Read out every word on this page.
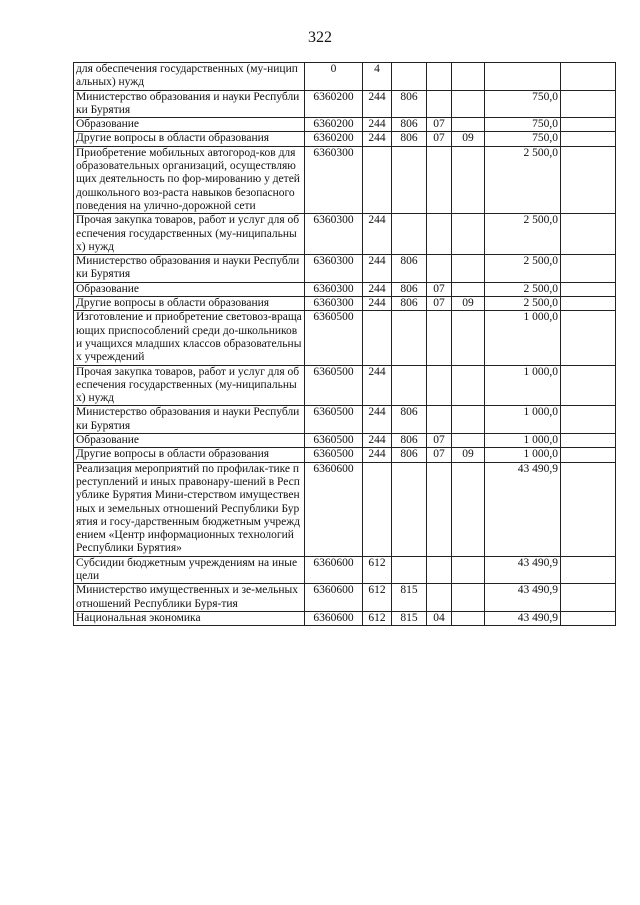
322
для обеспечения государственных (му-ниципальных) нужд	0	4					
Министерство образования и науки Республики Бурятия	6360200	244	806			750,0	
Образование	6360200	244	806	07		750,0	
Другие вопросы в области образования	6360200	244	806	07	09	750,0	
Приобретение мобильных автогород-ков для образовательных организаций, осуществляющих деятельность по фор-мированию у детей дошкольного воз-раста навыков безопасного поведения на улично-дорожной сети	6360300					2 500,0	
Прочая закупка товаров, работ и услуг для обеспечения государственных (му-ниципальных) нужд	6360300	244				2 500,0	
Министерство образования и науки Республики Бурятия	6360300	244	806			2 500,0	
Образование	6360300	244	806	07		2 500,0	
Другие вопросы в области образования	6360300	244	806	07	09	2 500,0	
Изготовление и приобретение световоз-вращающих приспособлений среди до-школьников и учащихся младших классов образовательных учреждений	6360500					1 000,0	
Прочая закупка товаров, работ и услуг для обеспечения государственных (му-ниципальных) нужд	6360500	244				1 000,0	
Министерство образования и науки Республики Бурятия	6360500	244	806			1 000,0	
Образование	6360500	244	806	07		1 000,0	
Другие вопросы в области образования	6360500	244	806	07	09	1 000,0	
Реализация мероприятий по профилак-тике преступлений и иных правонару-шений в Республике Бурятия Мини-стерством имущественных и земельных отношений Республики Бурятия и госу-дарственным бюджетным учреждением «Центр информационных технологий Республики Бурятия»	6360600					43 490,9	
Субсидии бюджетным учреждениям на иные цели	6360600	612				43 490,9	
Министерство имущественных и зе-мельных отношений Республики Буря-тия	6360600	612	815			43 490,9	
Национальная экономика	6360600	612	815	04		43 490,9	
